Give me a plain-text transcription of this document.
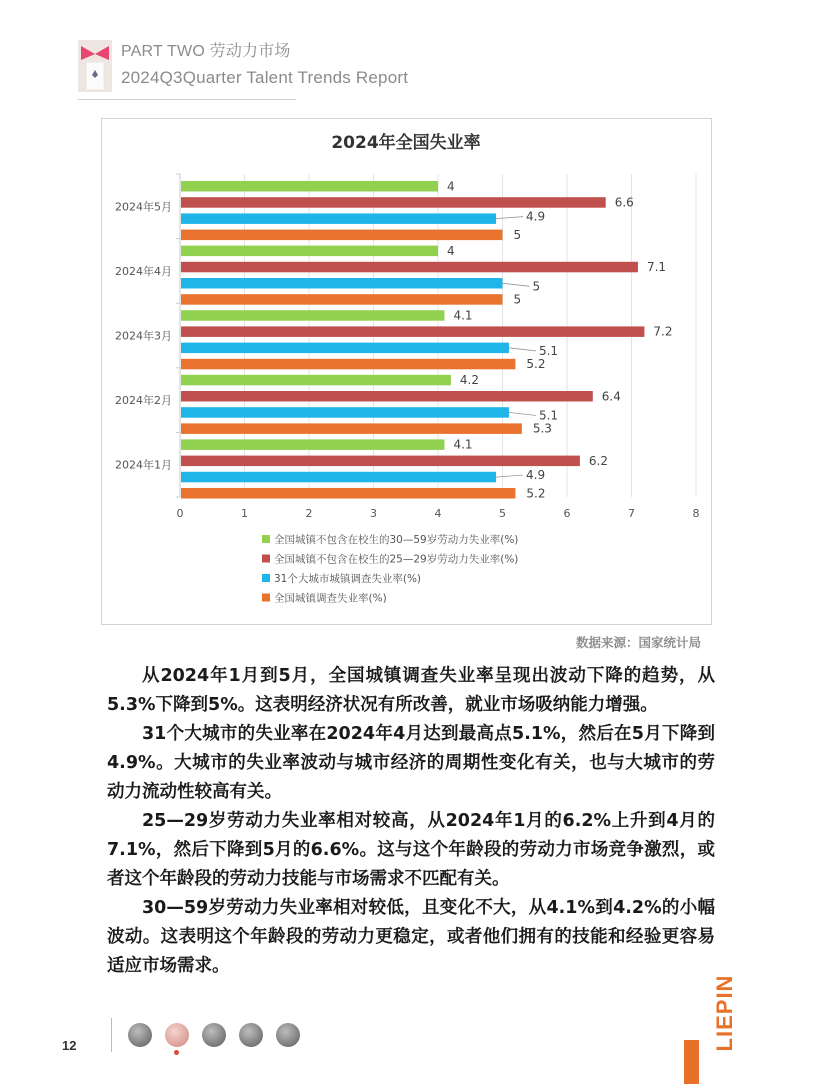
PART TWO 劳动力市场
2024Q3Quarter Talent Trends Report
2024年全国失业率
0	1	2	3	4	5	6	7	8
4.1
6.2
4.9
5.2
2024年1月
4.2
6.4
5.1
5.3
2024年2月
4.1
7.2
5.1
5.2
2024年3月
4
7.1
5
5
2024年4月
4
6.6
4.9
5
2024年5月
全国城镇不包含在校生的30—59岁劳动力失业率(%)
全国城镇不包含在校生的25—29岁劳动力失业率(%)
31个大城市城镇调查失业率(%)
全国城镇调查失业率(%)
数据来源：国家统计局

从2024年1月到5月，全国城镇调查失业率呈现出波动下降的趋势，从5.3%下降到5%。这表明经济状况有所改善，就业市场吸纳能力增强。

31个大城市的失业率在2024年4月达到最高点5.1%，然后在5月下降到4.9%。大城市的失业率波动与城市经济的周期性变化有关，也与大城市的劳动力流动性较高有关。

25—29岁劳动力失业率相对较高，从2024年1月的6.2%上升到4月的7.1%，然后下降到5月的6.6%。这与这个年龄段的劳动力市场竞争激烈，或者这个年龄段的劳动力技能与市场需求不匹配有关。

30—59岁劳动力失业率相对较低，且变化不大，从4.1%到4.2%的小幅波动。这表明这个年龄段的劳动力更稳定，或者他们拥有的技能和经验更容易适应市场需求。

12	LIEPIN
